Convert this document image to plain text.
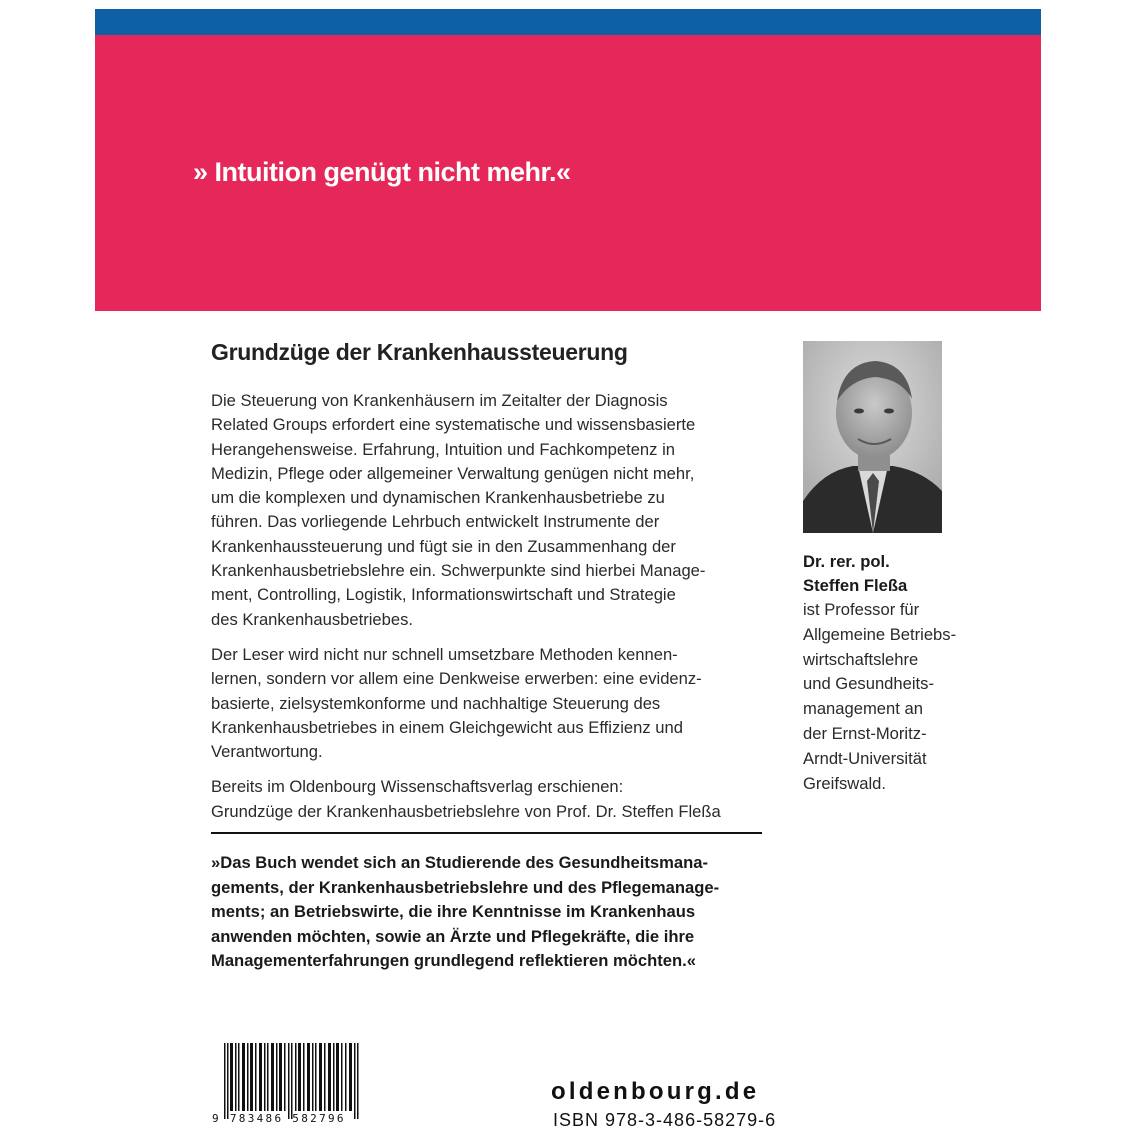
» Intuition genügt nicht mehr.«
Grundzüge der Krankenhaussteuerung

Die Steuerung von Krankenhäusern im Zeitalter der Diagnosis
Related Groups erfordert eine systematische und wissensbasierte
Herangehensweise. Erfahrung, Intuition und Fachkompetenz in
Medizin, Pflege oder allgemeiner Verwaltung genügen nicht mehr,
um die komplexen und dynamischen Krankenhausbetriebe zu
führen. Das vorliegende Lehrbuch entwickelt Instrumente der
Krankenhaussteuerung und fügt sie in den Zusammenhang der
Krankenhausbetriebslehre ein. Schwerpunkte sind hierbei Manage-
ment, Controlling, Logistik, Informationswirtschaft und Strategie
des Krankenhausbetriebes.

Der Leser wird nicht nur schnell umsetzbare Methoden kennen-
lernen, sondern vor allem eine Denkweise erwerben: eine evidenz-
basierte, zielsystemkonforme und nachhaltige Steuerung des
Krankenhausbetriebes in einem Gleichgewicht aus Effizienz und
Verantwortung.

Bereits im Oldenbourg Wissenschaftsverlag erschienen:
Grundzüge der Krankenhausbetriebslehre von Prof. Dr. Steffen Fleßa

»Das Buch wendet sich an Studierende des Gesundheitsmana-
gements, der Krankenhausbetriebslehre und des Pflegemanage-
ments; an Betriebswirte, die ihre Kenntnisse im Krankenhaus
anwenden möchten, sowie an Ärzte und Pflegekräfte, die ihre
Managementerfahrungen grundlegend reflektieren möchten.«
Dr. rer. pol.
Steffen Fleßa
ist Professor für
Allgemeine Betriebs-
wirtschaftslehre
und Gesundheits-
management an
der Ernst-Moritz-
Arndt-Universität
Greifswald.
9 783486 582796
oldenbourg.de
ISBN 978-3-486-58279-6
